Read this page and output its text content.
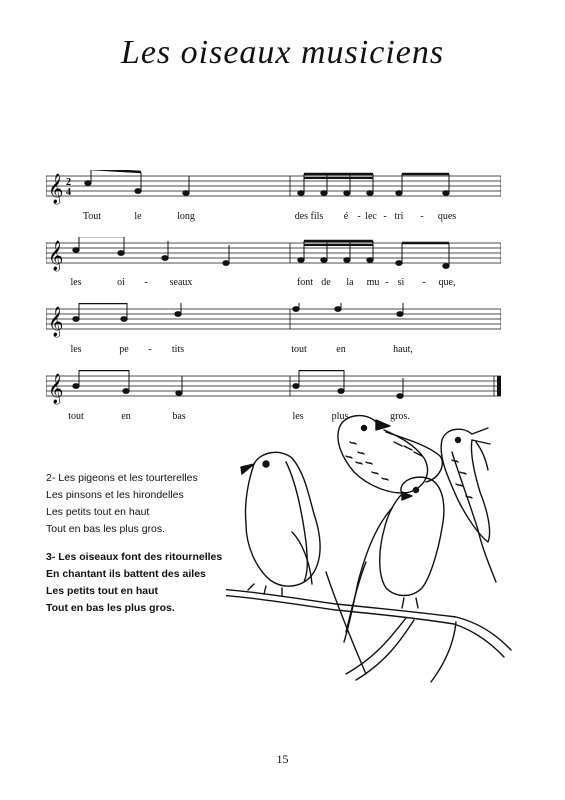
Les oiseaux musiciens
𝄞 2
4
Tout	le	long	des fils é - lec - tri - ques
𝄞
les	oi - seaux	font de la mu - si - que,
𝄞
les	pe - tits	tout	en	haut,
𝄞
tout	en	bas	les	plus	gros.
2- Les pigeons et les tourterelles
Les pinsons et les hirondelles
Les petits tout en haut
Tout en bas les plus gros.
3- Les oiseaux font des ritournelles
En chantant ils battent des ailes
Les petits tout en haut
Tout en bas les plus gros.
15
